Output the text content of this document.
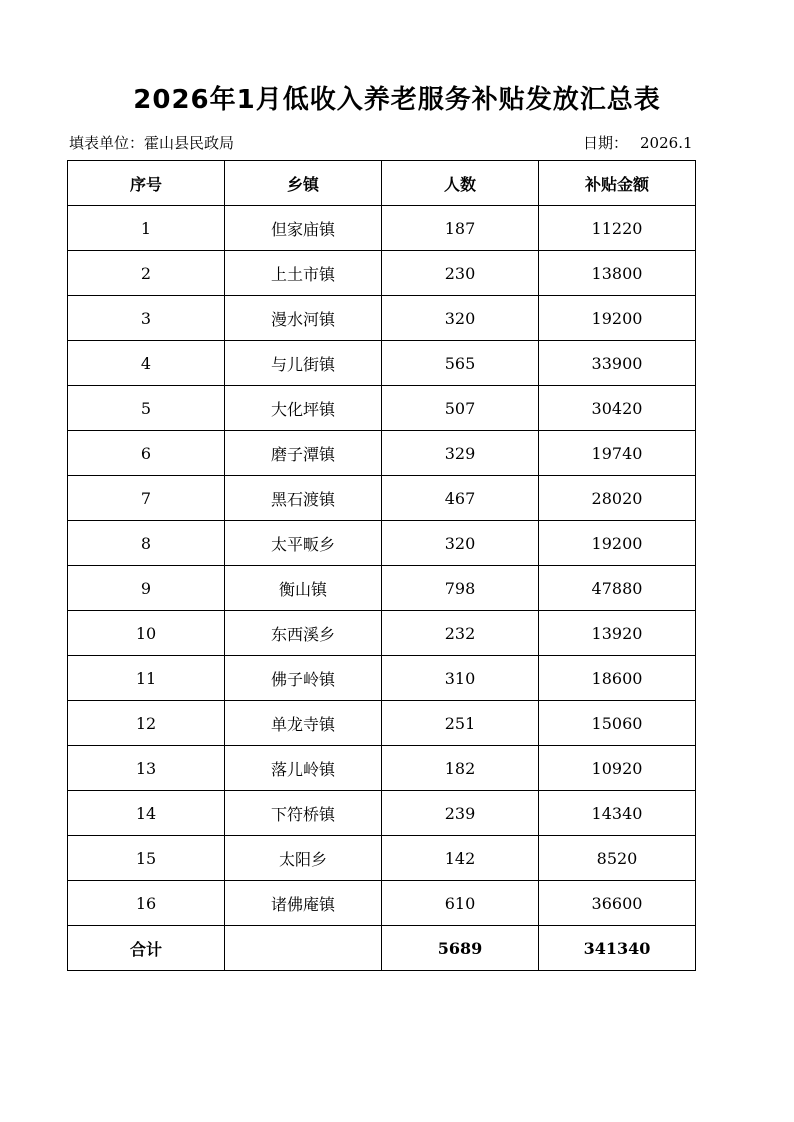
2026年1月低收入养老服务补贴发放汇总表
填表单位：霍山县民政局	日期： 2026.1
序号	乡镇	人数	补贴金额
1	但家庙镇	187	11220
2	上土市镇	230	13800
3	漫水河镇	320	19200
4	与儿街镇	565	33900
5	大化坪镇	507	30420
6	磨子潭镇	329	19740
7	黑石渡镇	467	28020
8	太平畈乡	320	19200
9	衡山镇	798	47880
10	东西溪乡	232	13920
11	佛子岭镇	310	18600
12	单龙寺镇	251	15060
13	落儿岭镇	182	10920
14	下符桥镇	239	14340
15	太阳乡	142	8520
16	诸佛庵镇	610	36600
合计		5689	341340
